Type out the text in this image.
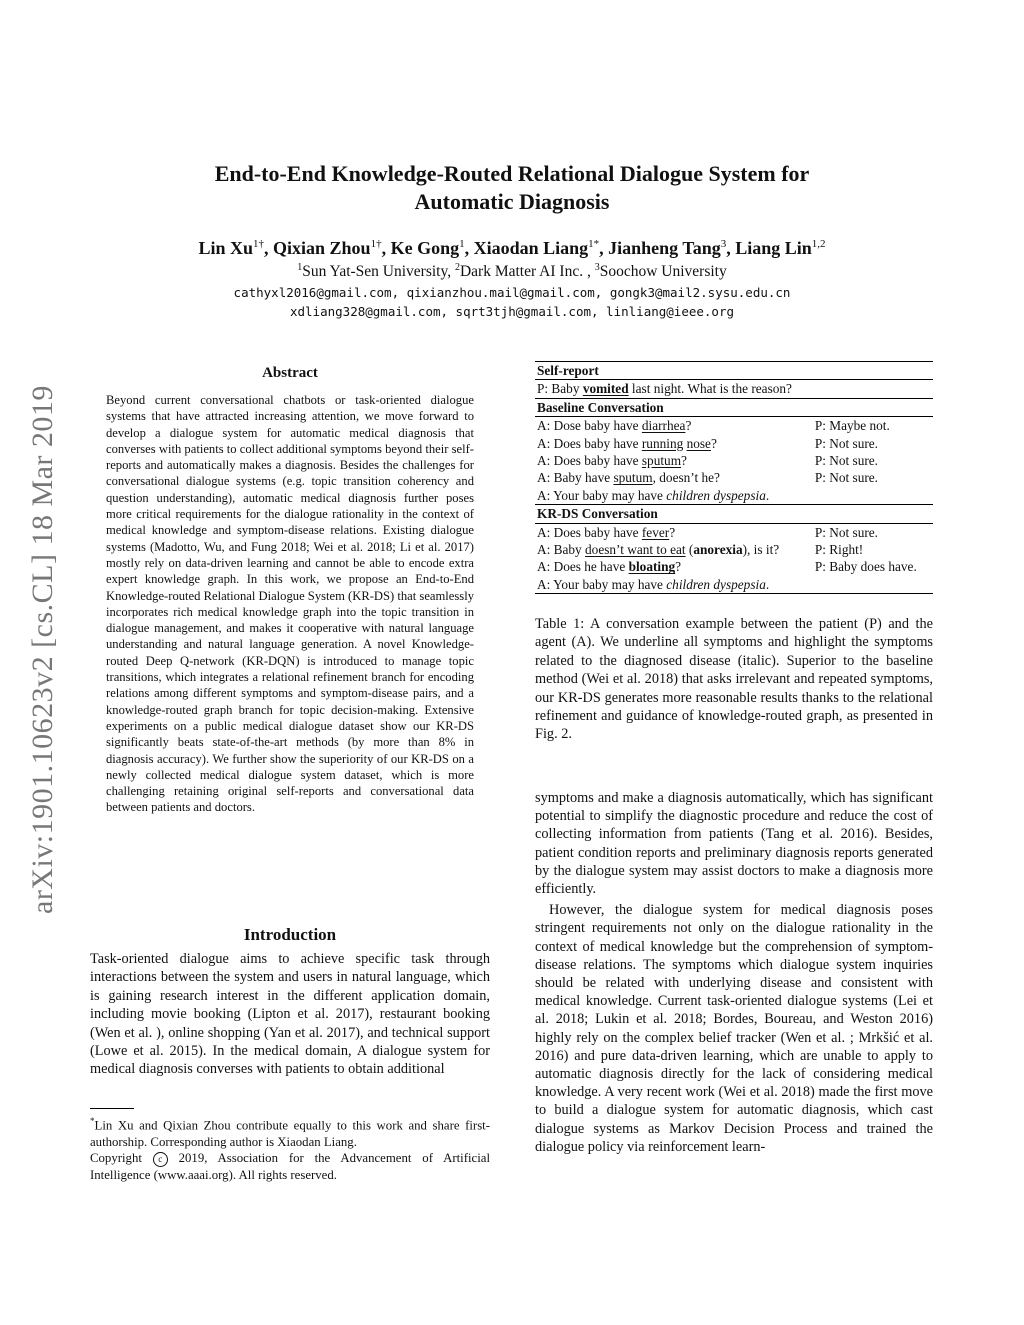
arXiv:1901.10623v2 [cs.CL] 18 Mar 2019
End-to-End Knowledge-Routed Relational Dialogue System for
Automatic Diagnosis
Lin $Xu^{1\dagger}$, Qixian Zhou$^{1\dagger}$, Ke Gong$^1$, Xiaodan Liang$^{1*}$, Jianheng Tang$^3$, Liang Lin$^{1,2}$
$^1$Sun Yat-Sen University, $^2$Dark Matter AI Inc. , $^3$Soochow University
cathyxl2016@gmail.com, qixianzhou.mail@gmail.com, gongk3@mail2.sysu.edu.cn
xdliang328@gmail.com, sqrt3tjh@gmail.com, linliang@ieee.org
Abstract
Beyond current conversational chatbots or task-oriented dialogue systems that have attracted increasing attention, we move forward to develop a dialogue system for automatic medical diagnosis that converses with patients to collect additional symptoms beyond their self-reports and automatically makes a diagnosis. Besides the challenges for conversational dialogue systems (e.g. topic transition coherency and question understanding), automatic medical diagnosis further poses more critical requirements for the dialogue rationality in the context of medical knowledge and symptom-disease relations. Existing dialogue systems (Madotto, Wu, and Fung 2018; Wei et al. 2018; Li et al. 2017) mostly rely on data-driven learning and cannot be able to encode extra expert knowledge graph. In this work, we propose an End-to-End Knowledge-routed Relational Dialogue System (KR-DS) that seamlessly incorporates rich medical knowledge graph into the topic transition in dialogue management, and makes it cooperative with natural language understanding and natural language generation. A novel Knowledge-routed Deep Q-network (KR-DQN) is introduced to manage topic transitions, which integrates a relational refinement branch for encoding relations among different symptoms and symptom-disease pairs, and a knowledge-routed graph branch for topic decision-making. Extensive experiments on a public medical dialogue dataset show our KR-DS significantly beats state-of-the-art methods (by more than 8% in diagnosis accuracy). We further show the superiority of our KR-DS on a newly collected medical dialogue system dataset, which is more challenging retaining original self-reports and conversational data between patients and doctors.
Introduction
Task-oriented dialogue aims to achieve specific task through interactions between the system and users in natural language, which is gaining research interest in the different application domain, including movie booking (Lipton et al. 2017), restaurant booking (Wen et al. ), online shopping (Yan et al. 2017), and technical support (Lowe et al. 2015). In the medical domain, A dialogue system for medical diagnosis converses with patients to obtain additional
*Lin Xu and Qixian Zhou contribute equally to this work and share first-authorship. Corresponding author is Xiaodan Liang.
Copyright c 2019, Association for the Advancement of Artificial Intelligence (www.aaai.org). All rights reserved.
Self-report	
P: Baby vomited last night. What is the reason?	
Baseline Conversation	
A: Dose baby have diarrhea?	P: Maybe not.
A: Does baby have running nose?	P: Not sure.
A: Does baby have sputum?	P: Not sure.
A: Baby have sputum, doesn’t he?	P: Not sure.
A: Your baby may have children dyspepsia.	
KR-DS Conversation	
A: Does baby have fever?	P: Not sure.
A: Baby doesn’t want to eat (anorexia), is it?	P: Right!
A: Does he have bloating?	P: Baby does have.
A: Your baby may have children dyspepsia.	
Table 1: A conversation example between the patient (P) and the agent (A). We underline all symptoms and highlight the symptoms related to the diagnosed disease (italic). Superior to the baseline method (Wei et al. 2018) that asks irrelevant and repeated symptoms, our KR-DS generates more reasonable results thanks to the relational refinement and guidance of knowledge-routed graph, as presented in Fig. 2.

symptoms and make a diagnosis automatically, which has significant potential to simplify the diagnostic procedure and reduce the cost of collecting information from patients (Tang et al. 2016). Besides, patient condition reports and preliminary diagnosis reports generated by the dialogue system may assist doctors to make a diagnosis more efficiently.

However, the dialogue system for medical diagnosis poses stringent requirements not only on the dialogue rationality in the context of medical knowledge but the comprehension of symptom-disease relations. The symptoms which dialogue system inquiries should be related with underlying disease and consistent with medical knowledge. Current task-oriented dialogue systems (Lei et al. 2018; Lukin et al. 2018; Bordes, Boureau, and Weston 2016) highly rely on the complex belief tracker (Wen et al. ; Mrkšić et al. 2016) and pure data-driven learning, which are unable to apply to automatic diagnosis directly for the lack of considering medical knowledge. A very recent work (Wei et al. 2018) made the first move to build a dialogue system for automatic diagnosis, which cast dialogue systems as Markov Decision Process and trained the dialogue policy via reinforcement learn-
